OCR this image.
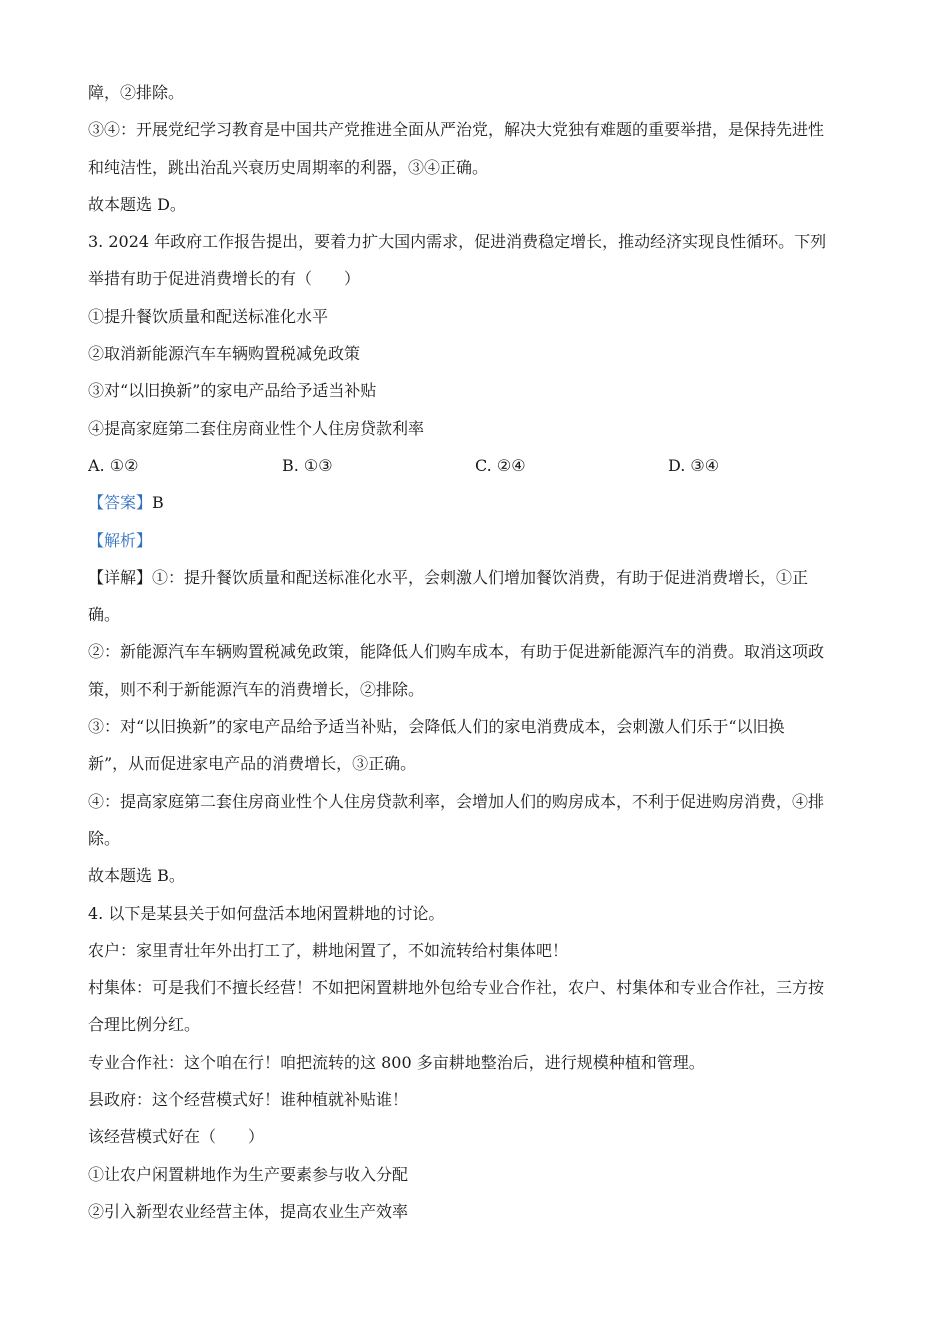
障，②排除。
③④：开展党纪学习教育是中国共产党推进全面从严治党，解决大党独有难题的重要举措，是保持先进性
和纯洁性，跳出治乱兴衰历史周期率的利器，③④正确。
故本题选 D。
3. 2024 年政府工作报告提出，要着力扩大国内需求，促进消费稳定增长，推动经济实现良性循环。下列
举措有助于促进消费增长的有（　　）
①提升餐饮质量和配送标准化水平
②取消新能源汽车车辆购置税减免政策
③对“以旧换新”的家电产品给予适当补贴
④提高家庭第二套住房商业性个人住房贷款利率
A. ①②	B. ①③	C. ②④	D. ③④
【答案】B
【解析】
【详解】①：提升餐饮质量和配送标准化水平，会刺激人们增加餐饮消费，有助于促进消费增长，①正
确。
②：新能源汽车车辆购置税减免政策，能降低人们购车成本，有助于促进新能源汽车的消费。取消这项政
策，则不利于新能源汽车的消费增长，②排除。
③：对“以旧换新”的家电产品给予适当补贴，会降低人们的家电消费成本，会刺激人们乐于“以旧换
新”，从而促进家电产品的消费增长，③正确。
④：提高家庭第二套住房商业性个人住房贷款利率，会增加人们的购房成本，不利于促进购房消费，④排
除。
故本题选 B。
4. 以下是某县关于如何盘活本地闲置耕地的讨论。
农户：家里青壮年外出打工了，耕地闲置了，不如流转给村集体吧！
村集体：可是我们不擅长经营！不如把闲置耕地外包给专业合作社，农户、村集体和专业合作社，三方按
合理比例分红。
专业合作社：这个咱在行！咱把流转的这 800 多亩耕地整治后，进行规模种植和管理。
县政府：这个经营模式好！谁种植就补贴谁！
该经营模式好在（　　）
①让农户闲置耕地作为生产要素参与收入分配
②引入新型农业经营主体，提高农业生产效率
